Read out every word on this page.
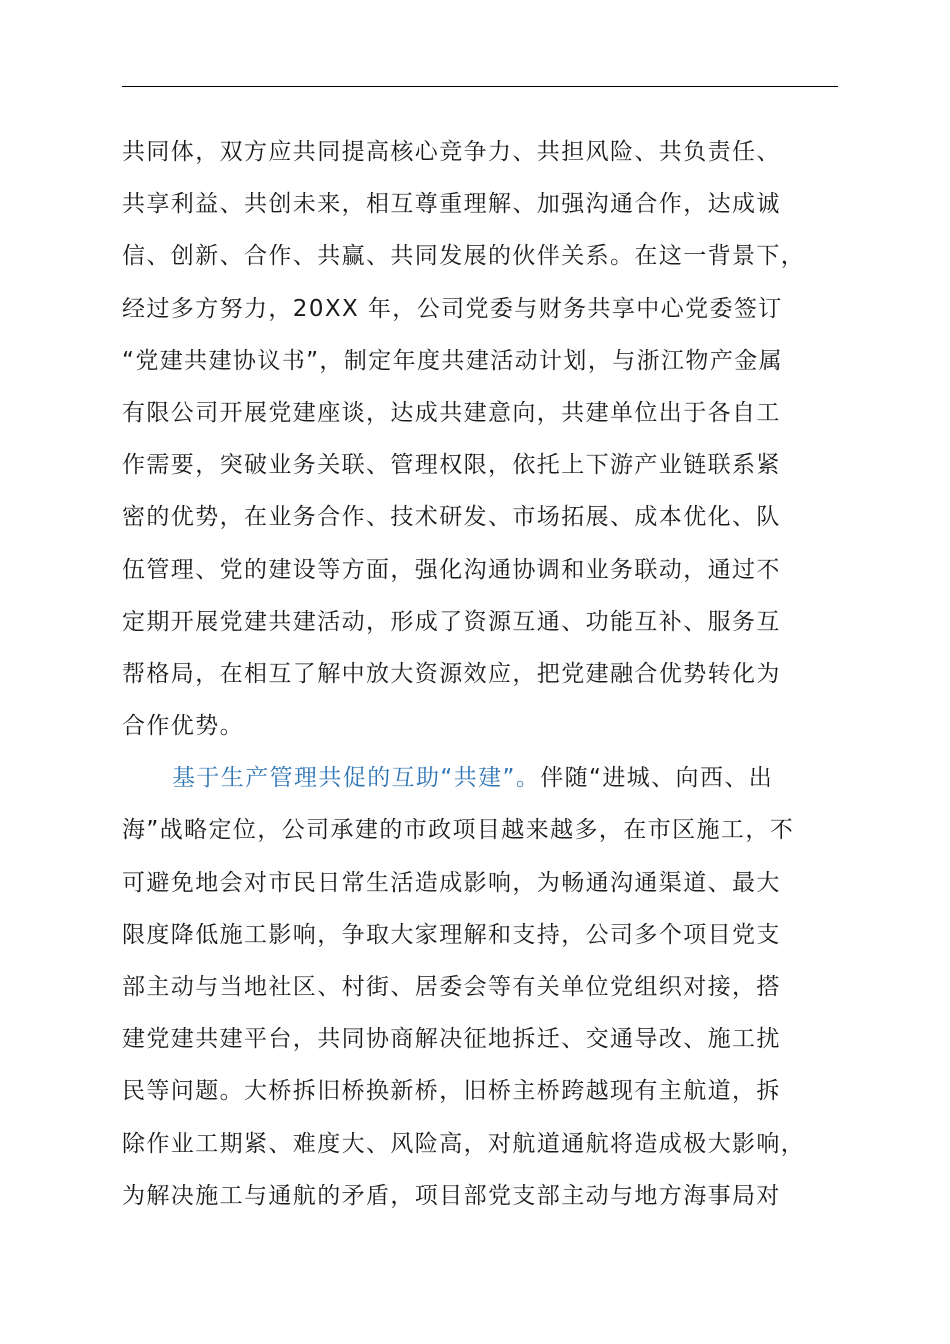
共同体，双方应共同提高核心竞争力、共担风险、共负责任、
共享利益、共创未来，相互尊重理解、加强沟通合作，达成诚
信、创新、合作、共赢、共同发展的伙伴关系。在这一背景下，
经过多方努力，20XX 年，公司党委与财务共享中心党委签订
“党建共建协议书”，制定年度共建活动计划，与浙江物产金属
有限公司开展党建座谈，达成共建意向，共建单位出于各自工
作需要，突破业务关联、管理权限，依托上下游产业链联系紧
密的优势，在业务合作、技术研发、市场拓展、成本优化、队
伍管理、党的建设等方面，强化沟通协调和业务联动，通过不
定期开展党建共建活动，形成了资源互通、功能互补、服务互
帮格局，在相互了解中放大资源效应，把党建融合优势转化为
合作优势。
基于生产管理共促的互助“共建”。伴随“进城、向西、出
海”战略定位，公司承建的市政项目越来越多，在市区施工，不
可避免地会对市民日常生活造成影响，为畅通沟通渠道、最大
限度降低施工影响，争取大家理解和支持，公司多个项目党支
部主动与当地社区、村街、居委会等有关单位党组织对接，搭
建党建共建平台，共同协商解决征地拆迁、交通导改、施工扰
民等问题。大桥拆旧桥换新桥，旧桥主桥跨越现有主航道，拆
除作业工期紧、难度大、风险高，对航道通航将造成极大影响，
为解决施工与通航的矛盾，项目部党支部主动与地方海事局对
